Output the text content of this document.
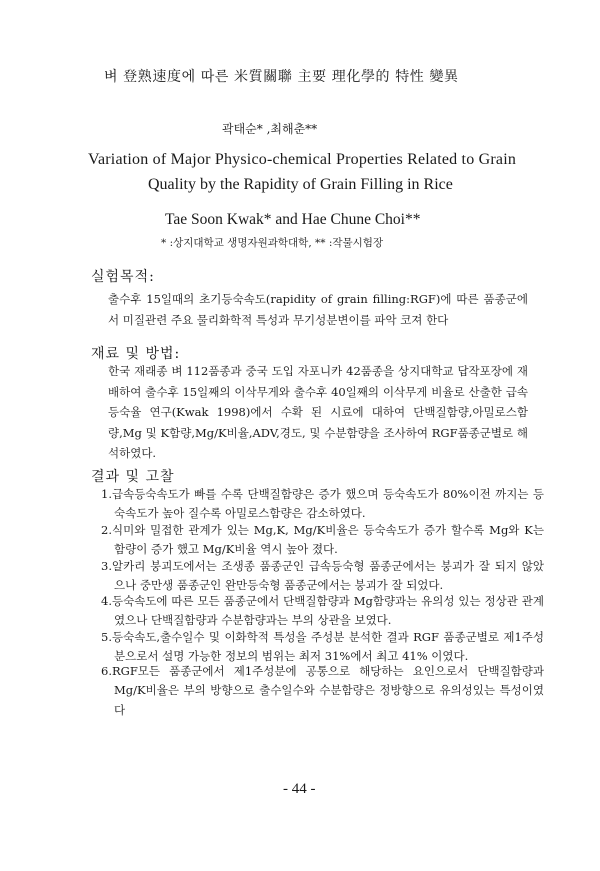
벼 登熟速度에 따른 米質關聯 主要 理化學的 特性 變異
곽태순* ,최해춘**
Variation of Major Physico-chemical Properties Related to Grain
Quality by the Rapidity of Grain Filling in Rice
Tae Soon Kwak* and Hae Chune Choi**
* :상지대학교 생명자원과학대학, ** :작물시험장
실험목적:
출수후 15일때의 초기등숙속도(rapidity of grain filling:RGF)에 따른 품종군에서 미질관련 주요 물리화학적 특성과 무기성분변이를 파악 코져 한다
재료 및 방법:
한국 재래종 벼 112품종과 중국 도입 자포니카 42품종을 상지대학교 답작포장에 재배하여 출수후 15일째의 이삭무게와 출수후 40일째의 이삭무게 비율로 산출한 급속등숙율 연구(Kwak 1998)에서 수확 된 시료에 대하여 단백질함량,아밀로스함량,Mg 및 K함량,Mg/K비율,ADV,경도, 및 수분함량을 조사하여 RGF품종군별로 해석하였다.
결과 및 고찰
1.급속등숙속도가 빠를 수록 단백질함량은 증가 했으며 등숙속도가 80%이전 까지는 등숙속도가 높아 질수록 아밀로스함량은 감소하였다.
2.식미와 밀접한 관계가 있는 Mg,K, Mg/K비율은 등숙속도가 증가 할수록 Mg와 K는 함량이 증가 했고 Mg/K비율 역시 높아 졌다.
3.알카리 붕괴도에서는 조생종 품종군인 급속등숙형 품종군에서는 붕괴가 잘 되지 않았으나 중만생 품종군인 완만등숙형 품종군에서는 붕괴가 잘 되었다.
4.등숙속도에 따른 모든 품종군에서 단백질함량과 Mg함량과는 유의성 있는 정상관 관계 였으나 단백질함량과 수분함량과는 부의 상관을 보였다.
5.등숙속도,출수일수 및 이화학적 특성을 주성분 분석한 결과 RGF 품종군별로 제1주성분으로서 설명 가능한 정보의 범위는 최저 31%에서 최고 41% 이였다.
6.RGF모든 품종군에서 제1주성분에 공통으로 해당하는 요인으로서 단백질함량과 Mg/K비율은 부의 방향으로 출수일수와 수분함량은 정방향으로 유의성있는 특성이였다
- 44 -
